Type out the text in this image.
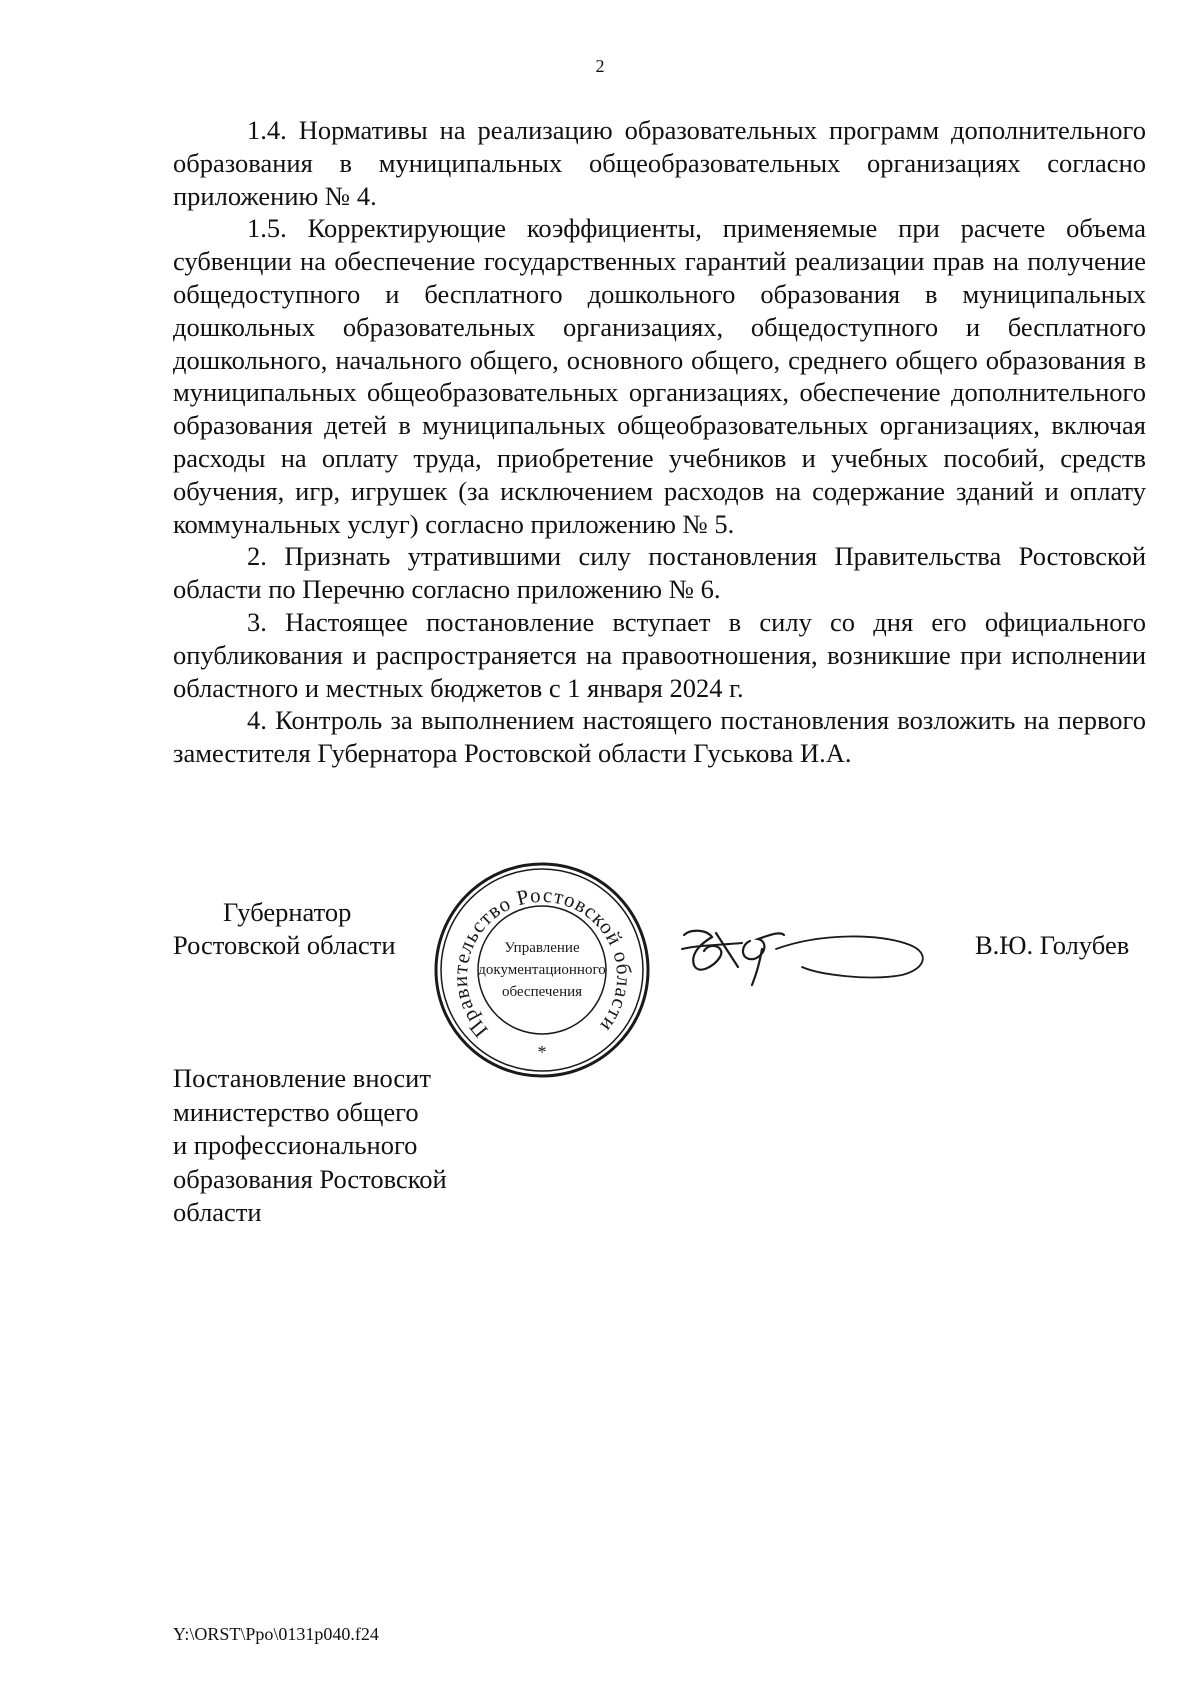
2

1.4. Нормативы на реализацию образовательных программ дополнительного образования в муниципальных общеобразовательных организациях согласно приложению № 4.

1.5. Корректирующие коэффициенты, применяемые при расчете объема субвенции на обеспечение государственных гарантий реализации прав на получение общедоступного и бесплатного дошкольного образования в муниципальных дошкольных образовательных организациях, общедоступного и бесплатного дошкольного, начального общего, основного общего, среднего общего образования в муниципальных общеобразовательных организациях, обеспечение дополнительного образования детей в муниципальных общеобразовательных организациях, включая расходы на оплату труда, приобретение учебников и учебных пособий, средств обучения, игр, игрушек (за исключением расходов на содержание зданий и оплату коммунальных услуг) согласно приложению № 5.

2. Признать утратившими силу постановления Правительства Ростовской области по Перечню согласно приложению № 6.

3. Настоящее постановление вступает в силу со дня его официального опубликования и распространяется на правоотношения, возникшие при исполнении областного и местных бюджетов с 1 января 2024 г.

4. Контроль за выполнением настоящего постановления возложить на первого заместителя Губернатора Ростовской области Гуськова И.А.

Губернатор
Ростовской области
Правительство Ростовской области
Управление
документационного
обеспечения
*
В.Ю. Голубев
Постановление вносит
министерство общего
и профессионального
образования Ростовской
области
Y:\ORST\Ppo\0131p040.f24
